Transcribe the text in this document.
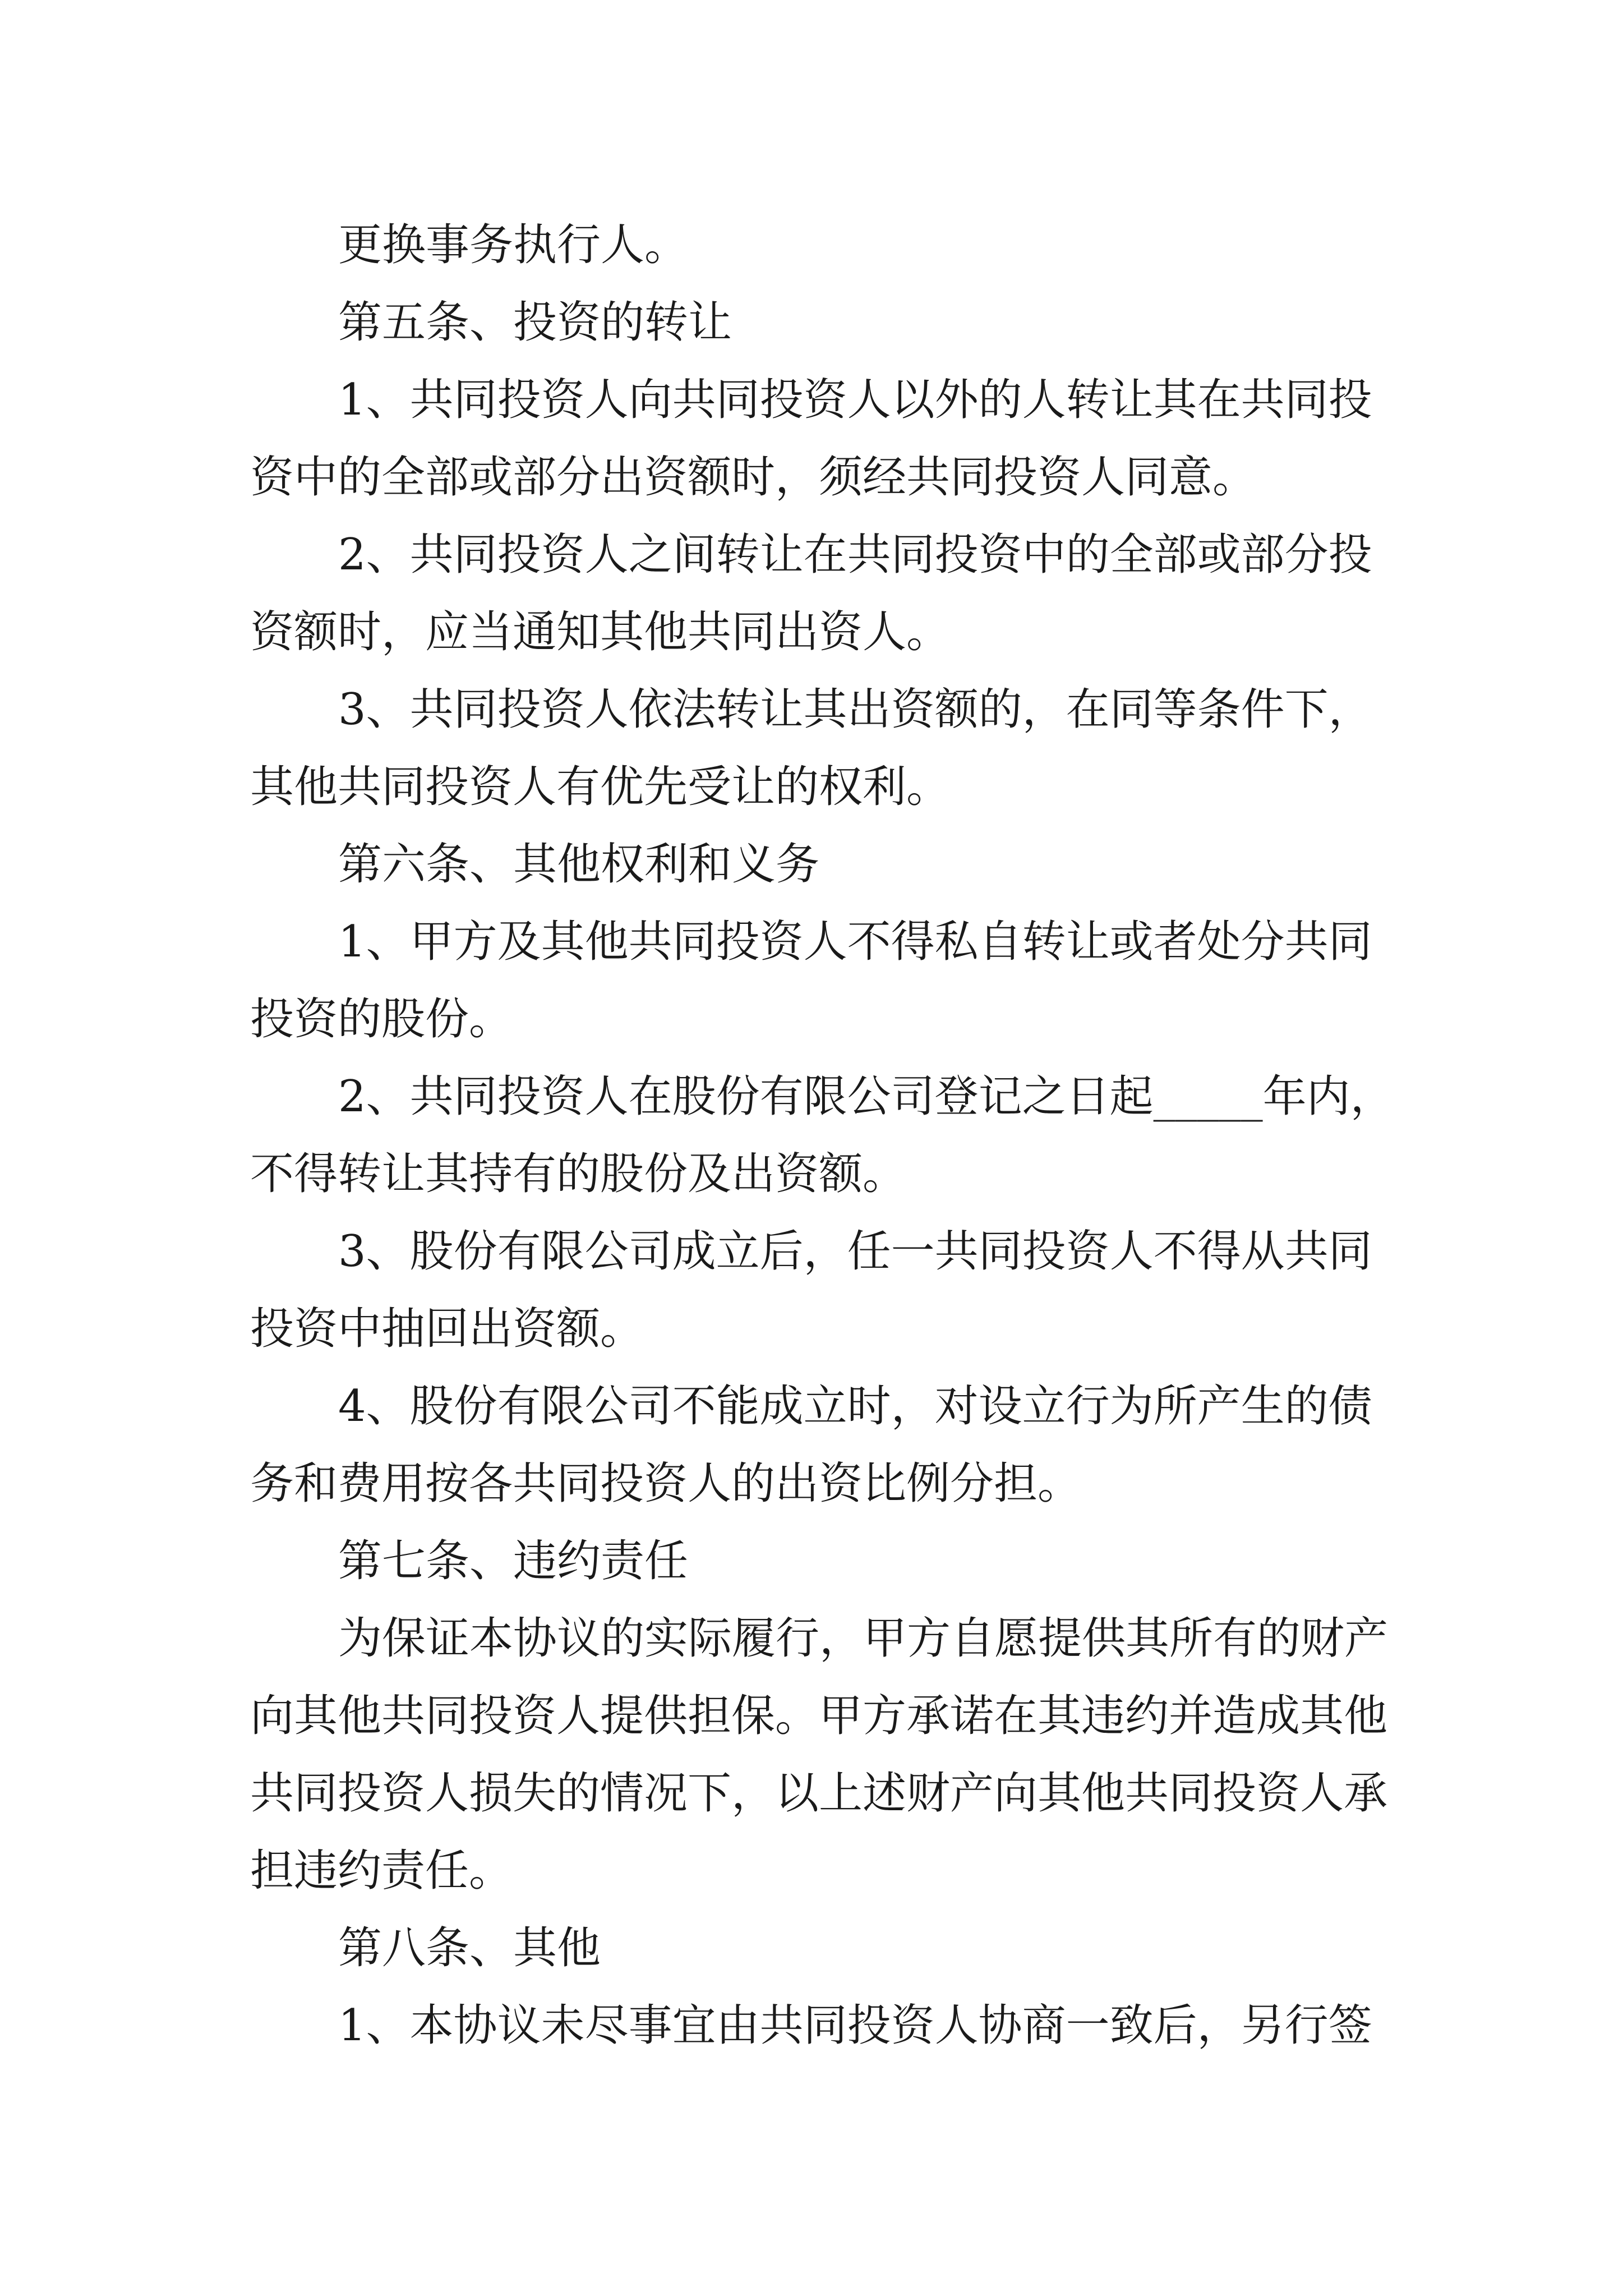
更换事务执行人。
第五条、投资的转让
1、共同投资人向共同投资人以外的人转让其在共同投
资中的全部或部分出资额时，须经共同投资人同意。
2、共同投资人之间转让在共同投资中的全部或部分投
资额时，应当通知其他共同出资人。
3、共同投资人依法转让其出资额的，在同等条件下，
其他共同投资人有优先受让的权利。
第六条、其他权利和义务
1、甲方及其他共同投资人不得私自转让或者处分共同
投资的股份。
2、共同投资人在股份有限公司登记之日起_____年内，
不得转让其持有的股份及出资额。
3、股份有限公司成立后，任一共同投资人不得从共同
投资中抽回出资额。
4、股份有限公司不能成立时，对设立行为所产生的债
务和费用按各共同投资人的出资比例分担。
第七条、违约责任
为保证本协议的实际履行，甲方自愿提供其所有的财产
向其他共同投资人提供担保。甲方承诺在其违约并造成其他
共同投资人损失的情况下，以上述财产向其他共同投资人承
担违约责任。
第八条、其他
1、本协议未尽事宜由共同投资人协商一致后，另行签
